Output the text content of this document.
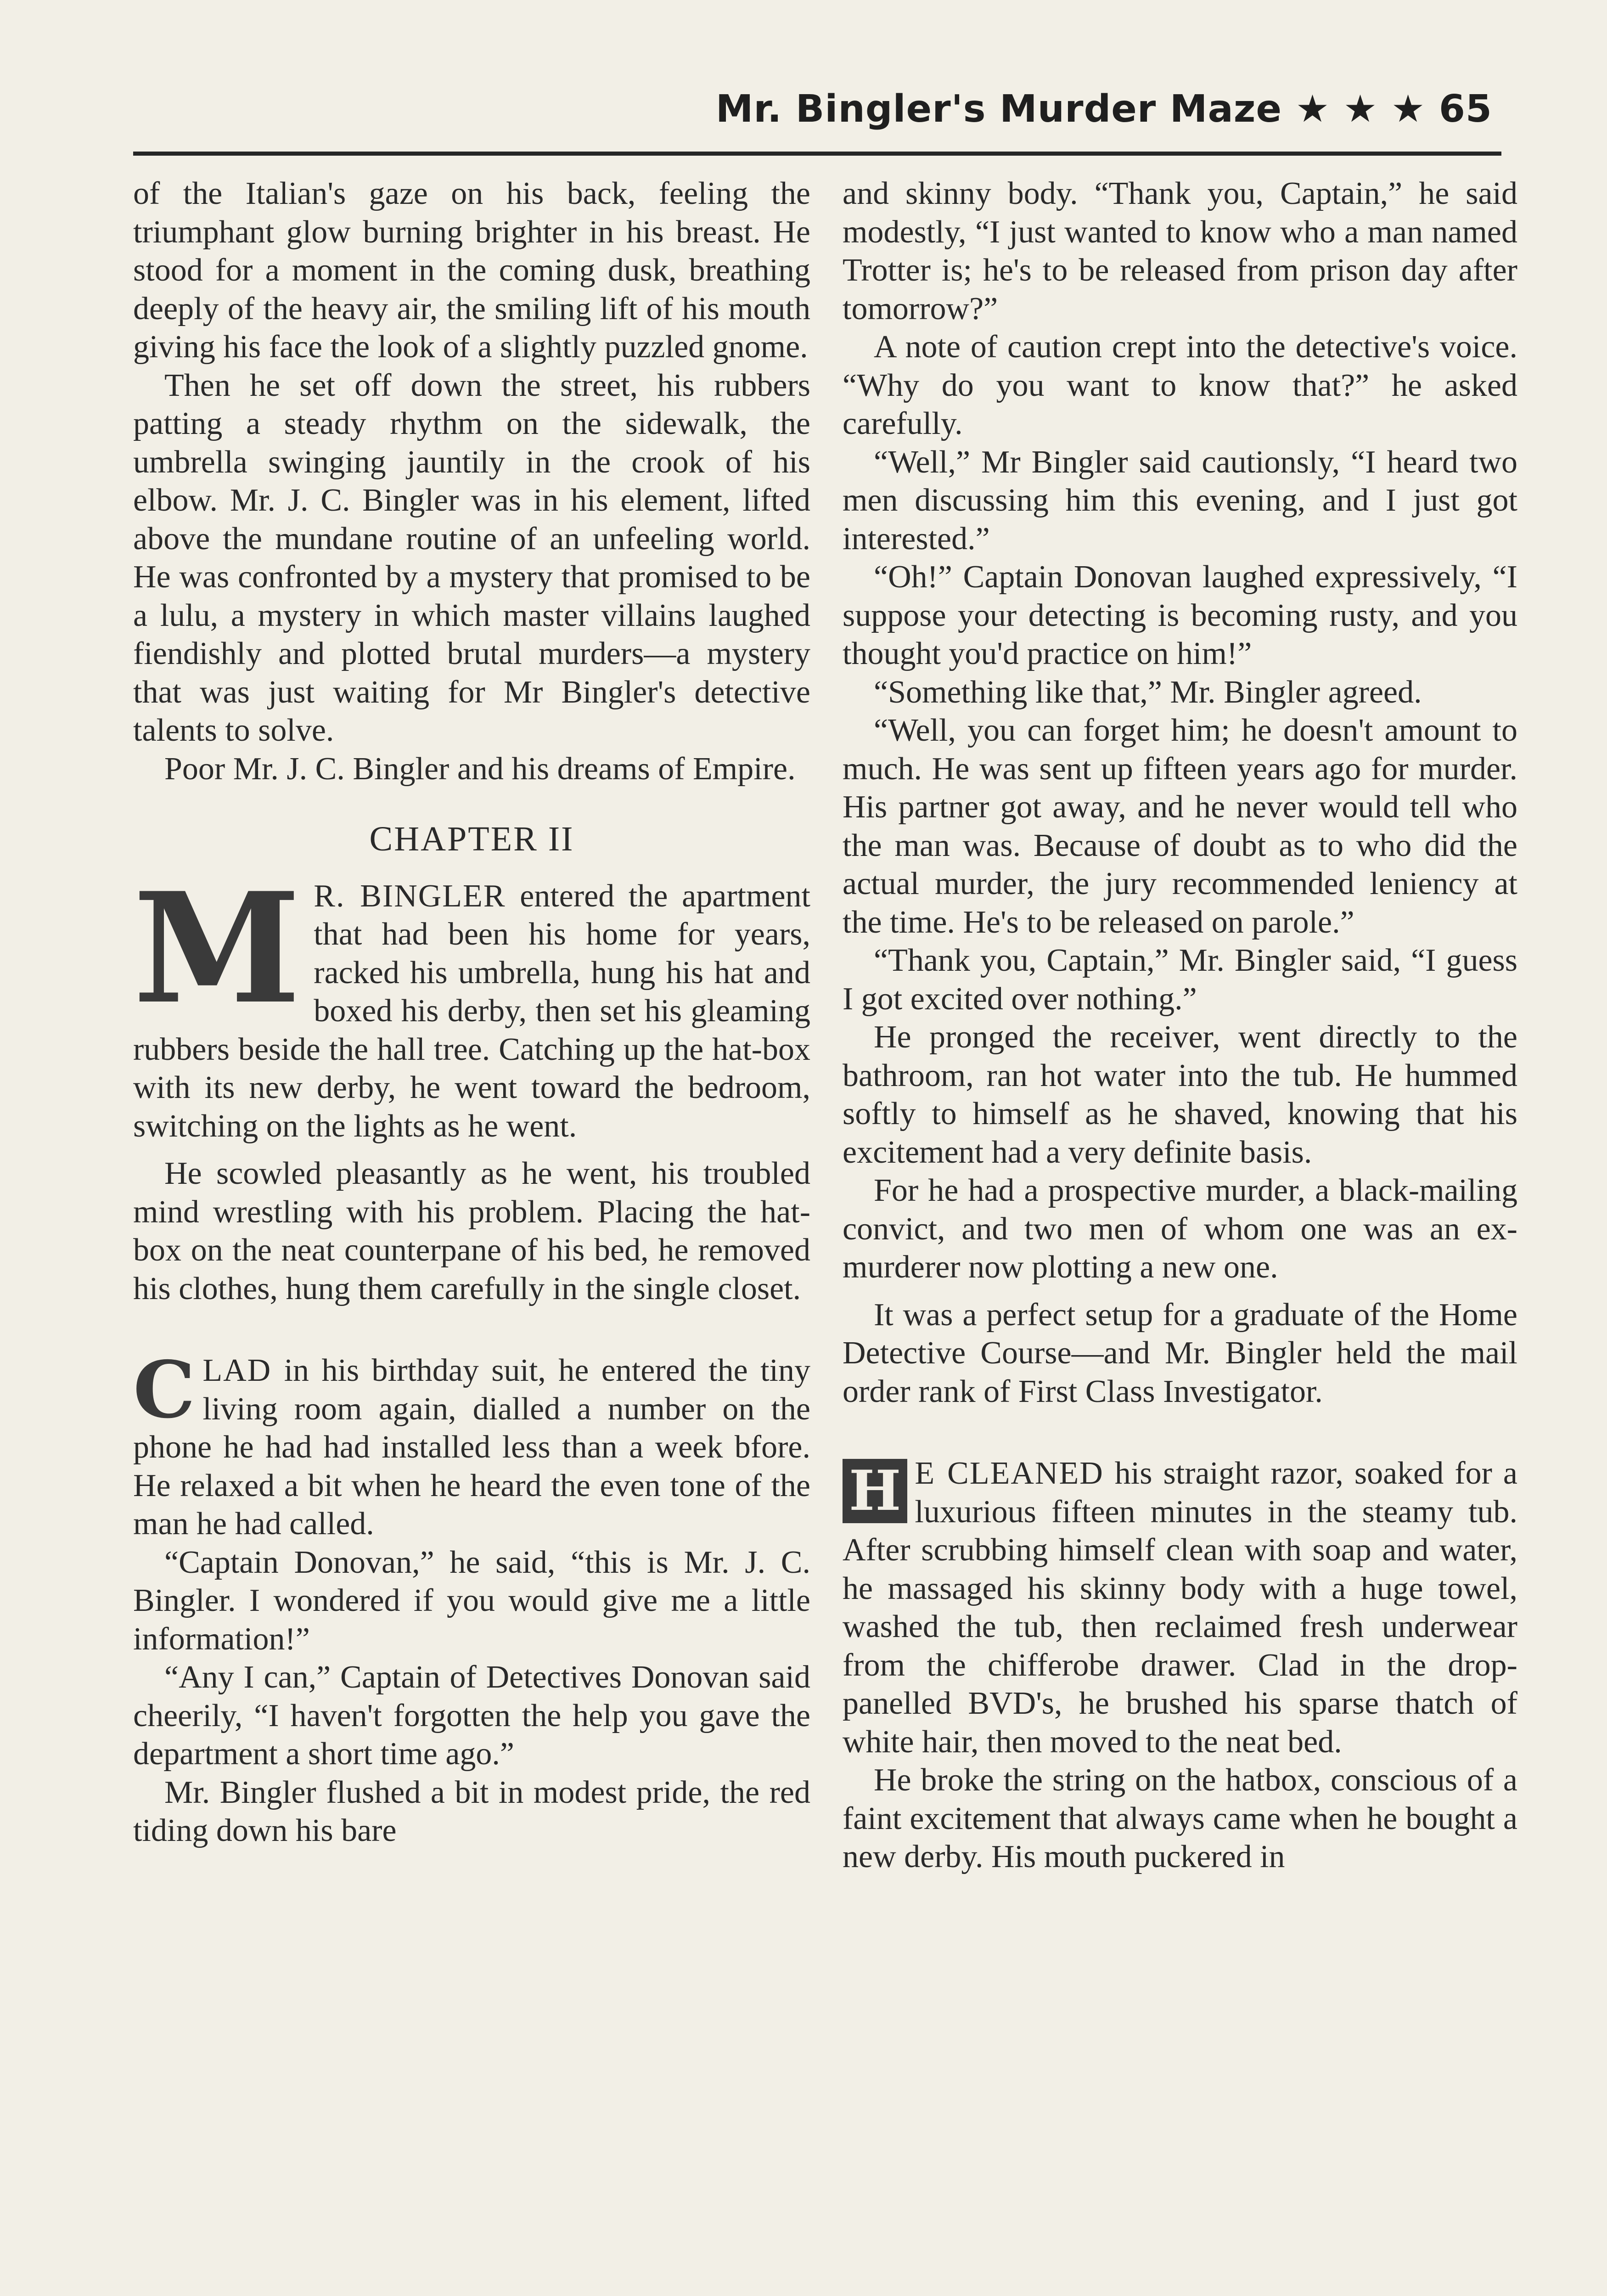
Mr. Bingler's Murder Maze ★ ★ ★ 65

of the Italian's gaze on his back, feeling the triumphant glow burning brighter in his breast. He stood for a moment in the coming dusk, breathing deeply of the heavy air, the smiling lift of his mouth giving his face the look of a slightly puzzled gnome.

Then he set off down the street, his rubbers patting a steady rhythm on the sidewalk, the umbrella swinging jauntily in the crook of his elbow. Mr. J. C. Bingler was in his element, lifted above the mundane routine of an unfeeling world. He was confronted by a mystery that promised to be a lulu, a mystery in which master villains laughed fiendishly and plotted brutal murders—a mystery that was just waiting for Mr Bingler's detective talents to solve.

Poor Mr. J. C. Bingler and his dreams of Empire.

CHAPTER II

M R. BINGLER entered the apartment that had been his home for years, racked his umbrella, hung his hat and boxed his derby, then set his gleaming rubbers beside the hall tree. Catching up the hat-box with its new derby, he went toward the bedroom, switching on the lights as he went.

He scowled pleasantly as he went, his troubled mind wrestling with his problem. Placing the hat-box on the neat counterpane of his bed, he removed his clothes, hung them carefully in the single closet.

CLAD in his birthday suit, he entered the tiny living room again, dialled a number on the phone he had had installed less than a week bfore. He relaxed a bit when he heard the even tone of the man he had called.

“Captain Donovan,” he said, “this is Mr. J. C. Bingler. I wondered if you would give me a little information!”

“Any I can,” Captain of Detectives Donovan said cheerily, “I haven't forgotten the help you gave the department a short time ago.”

Mr. Bingler flushed a bit in modest pride, the red tiding down his bare

and skinny body. “Thank you, Captain,” he said modestly, “I just wanted to know who a man named Trotter is; he's to be released from prison day after tomorrow?”

A note of caution crept into the detective's voice. “Why do you want to know that?” he asked carefully.

“Well,” Mr Bingler said cautionsly, “I heard two men discussing him this evening, and I just got interested.”

“Oh!” Captain Donovan laughed expressively, “I suppose your detecting is becoming rusty, and you thought you'd practice on him!”

“Something like that,” Mr. Bingler agreed.

“Well, you can forget him; he doesn't amount to much. He was sent up fifteen years ago for murder. His partner got away, and he never would tell who the man was. Because of doubt as to who did the actual murder, the jury recommended leniency at the time. He's to be released on parole.”

“Thank you, Captain,” Mr. Bingler said, “I guess I got excited over nothing.”

He pronged the receiver, went directly to the bathroom, ran hot water into the tub. He hummed softly to himself as he shaved, knowing that his excitement had a very definite basis.

For he had a prospective murder, a black-mailing convict, and two men of whom one was an ex-murderer now plotting a new one.

It was a perfect setup for a graduate of the Home Detective Course—and Mr. Bingler held the mail order rank of First Class Investigator.

H E CLEANED his straight razor, soaked for a luxurious fifteen minutes in the steamy tub. After scrubbing himself clean with soap and water, he massaged his skinny body with a huge towel, washed the tub, then reclaimed fresh underwear from the chifferobe drawer. Clad in the drop-panelled BVD's, he brushed his sparse thatch of white hair, then moved to the neat bed.

He broke the string on the hatbox, conscious of a faint excitement that always came when he bought a new derby. His mouth puckered in
